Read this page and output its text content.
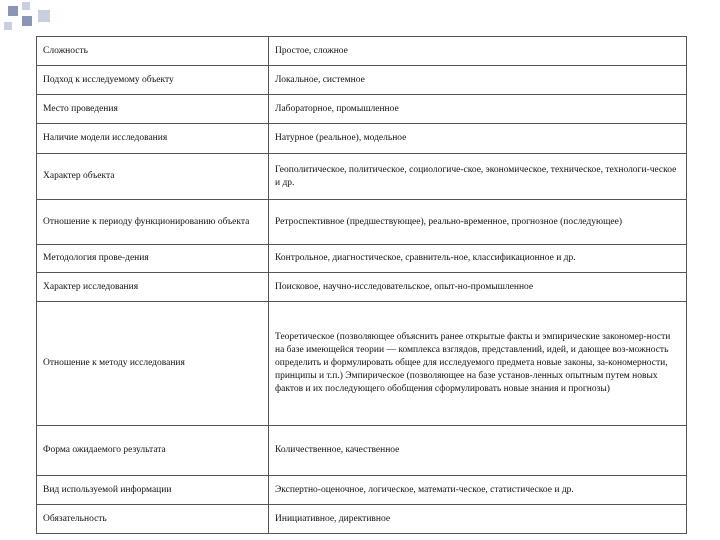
Сложность	Простое, сложное
Подход к исследуемому объекту	Локальное, системное
Место проведения	Лабораторное, промышленное
Наличие модели исследования	Натурное (реальное), модельное
Характер объекта	Геополитическое, политическое, социологиче-ское, экономическое, техническое, технологи-ческое и др.
Отношение к периоду функционированию объекта	Ретроспективное (предшествующее), реально-временное, прогнозное (последующее)
Методология прове-дения	Контрольное, диагностическое, сравнитель-ное, классификационное и др.
Характер исследования	Поисковое, научно-исследовательское, опыт-но-промышленное
Отношение к методу исследования	Теоретическое (позволяющее объяснить ранее открытые факты и эмпирические закономер-ности на базе имеющейся теории — комплекса взглядов, представлений, идей, и дающее воз-можность определить и формулировать общее для исследуемого предмета новые законы, за-кономерности, принципы и т.п.) Эмпирическое (позволяющее на базе установ-ленных опытным путем новых фактов и их последующего обобщения сформулировать новые знания и прогнозы)
Форма ожидаемого результата	Количественное, качественное
Вид используемой информации	Экспертно-оценочное, логическое, математи-ческое, статистическое и др.
Обязательность	Инициативное, директивное
